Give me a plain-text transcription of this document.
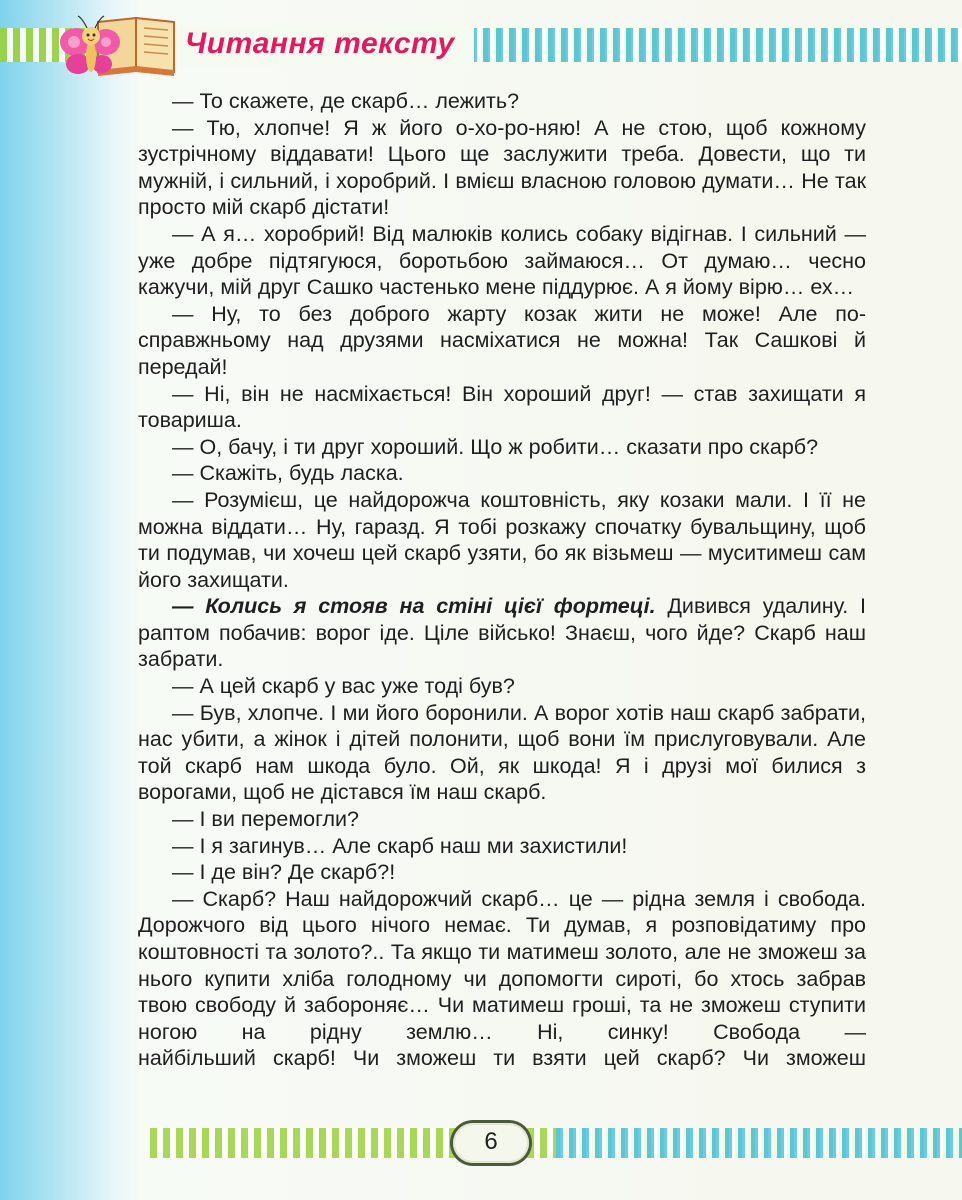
Читання тексту

— То скажете, де скарб… лежить?

— Тю, хлопче! Я ж його о-хо-ро-няю! А не стою, щоб кожному зустрічному віддавати! Цього ще заслужити треба. Довести, що ти мужній, і сильний, і хоробрий. І вмієш власною головою думати… Не так просто мій скарб дістати!

— А я… хоробрий! Від малюків колись собаку відігнав. І сильний — уже добре підтягуюся, боротьбою займаюся… От думаю… чесно кажучи, мій друг Сашко частенько мене піддурює. А я йому вірю… ех…

— Ну, то без доброго жарту козак жити не може! Але по-справжньому над друзями насміхатися не можна! Так Сашкові й передай!

— Ні, він не насміхається! Він хороший друг! — став захищати я товариша.

— О, бачу, і ти друг хороший. Що ж робити… сказати про скарб?

— Скажіть, будь ласка.

— Розумієш, це найдорожча коштовність, яку козаки мали. І її не можна віддати… Ну, гаразд. Я тобі розкажу спочатку бувальщину, щоб ти подумав, чи хочеш цей скарб узяти, бо як візьмеш — муситимеш сам його захищати.

— Колись я стояв на стіні цієї фортеці. Дивився удалину. І раптом побачив: ворог іде. Ціле військо! Знаєш, чого йде? Скарб наш забрати.

— А цей скарб у вас уже тоді був?

— Був, хлопче. І ми його боронили. А ворог хотів наш скарб забрати, нас убити, а жінок і дітей полонити, щоб вони їм прислуговували. Але той скарб нам шкода було. Ой, як шкода! Я і друзі мої билися з ворогами, щоб не дістався їм наш скарб.

— І ви перемогли?

— І я загинув… Але скарб наш ми захистили!

— І де він? Де скарб?!

— Скарб? Наш найдорожчий скарб… це — рідна земля і свобода. Дорожчого від цього нічого немає. Ти думав, я розповідатиму про коштовності та золото?.. Та якщо ти матимеш золото, але не зможеш за нього купити хліба голодному чи допомогти сироті, бо хтось забрав твою свободу й забороняє… Чи матимеш гроші, та не зможеш ступити ногою на рідну землю… Ні, синку! Свобода —

найбільший скарб! Чи зможеш ти взяти цей скарб? Чи зможеш

6
